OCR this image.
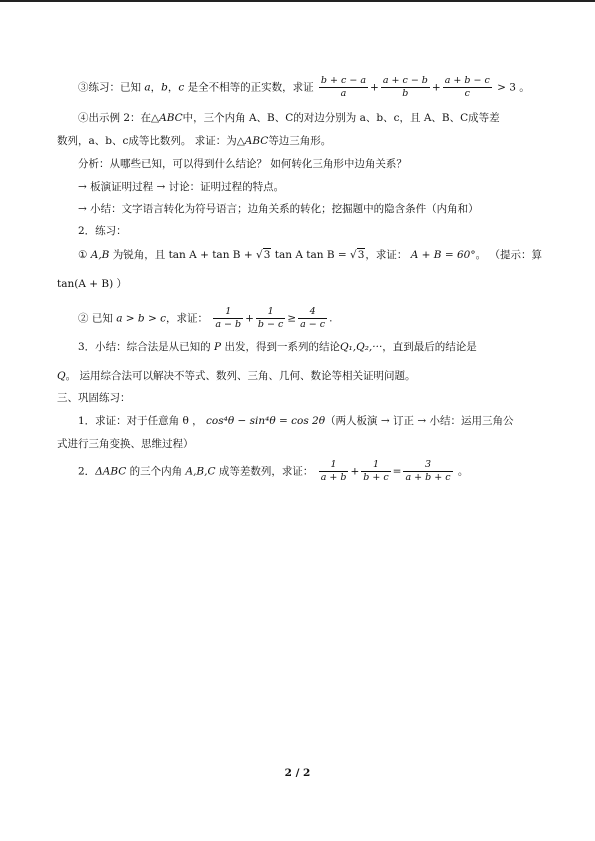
③练习：已知 a，b，c 是全不相等的正实数，求证 $\frac{b + c - a}{a} + \frac{a + c - b}{b} + \frac{a + b - c}{c} > 3$ 。
④出示例 2：在△ABC中，三个内角 A、B、C的对边分别为 a、b、c，且 A、B、C成等差
数列，a、b、c成等比数列。 求证：为△ABC等边三角形。
分析：从哪些已知，可以得到什么结论？ 如何转化三角形中边角关系？
→ 板演证明过程 → 讨论：证明过程的特点。
→ 小结：文字语言转化为符号语言；边角关系的转化；挖掘题中的隐含条件（内角和）
2．练习：
① A,B 为锐角，且 tan A + tan B + √3 tan A tan B = √3，求证： A + B = 60°。 （提示：算
tan(A + B) ）
② 已知 a > b > c，求证： $\frac{1}{a - b} + \frac{1}{b - c} \ge \frac{4}{a - c}$ .
3．小结：综合法是从已知的 P 出发，得到一系列的结论Q₁,Q₂,···，直到最后的结论是
Q。 运用综合法可以解决不等式、数列、三角、几何、数论等相关证明问题。
三、巩固练习：
1．求证：对于任意角 θ ， cos⁴θ − sin⁴θ = cos 2θ（两人板演 → 订正 → 小结：运用三角公
式进行三角变换、思维过程）
2．ΔABC 的三个内角 A,B,C 成等差数列，求证： $\frac{1}{a + b} + \frac{1}{b + c} = \frac{3}{a + b + c}$ 。
2 / 2
